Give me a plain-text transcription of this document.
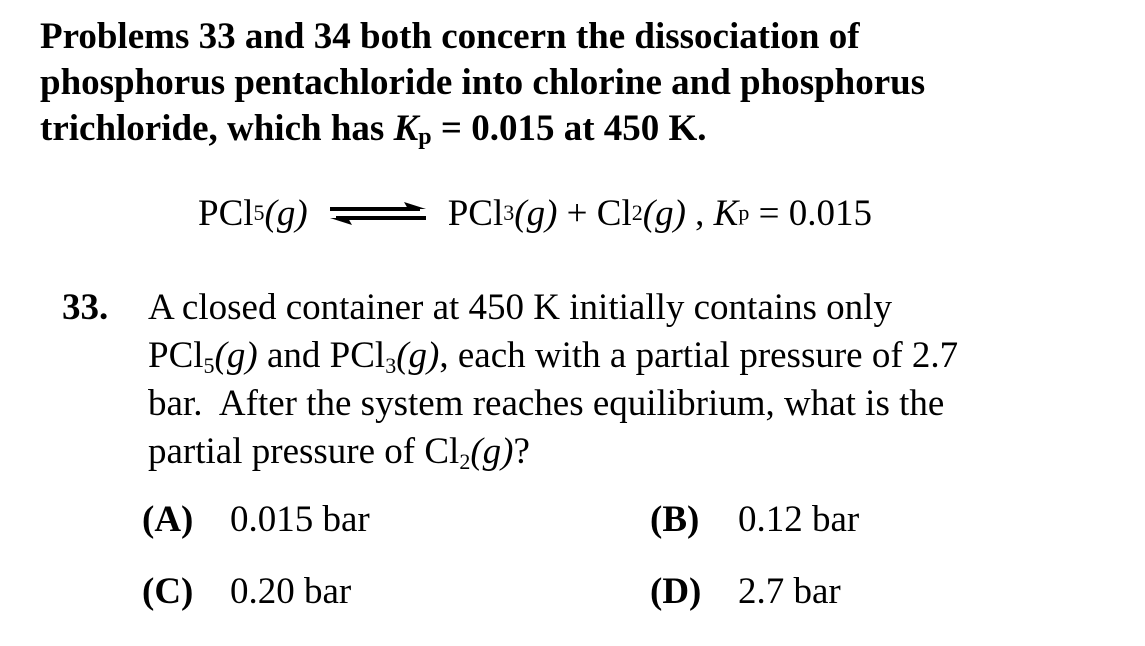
Problems 33 and 34 both concern the dissociation of
phosphorus pentachloride into chlorine and phosphorus
trichloride, which has $K_p = 0.015$ at 450 K.
PCl 5 (g) ⇌ PCl 3 (g) + Cl 2 (g) , K p = 0.015
33. A closed container at 450 K initially contains only
PCl$_5$(g) and PCl$_3$(g), each with a partial pressure of 2.7
bar.  After the system reaches equilibrium, what is the
partial pressure of $Cl_2(g)$?
(A) 0.015 bar	(B) 0.12 bar
(C) 0.20 bar	(D) 2.7 bar
